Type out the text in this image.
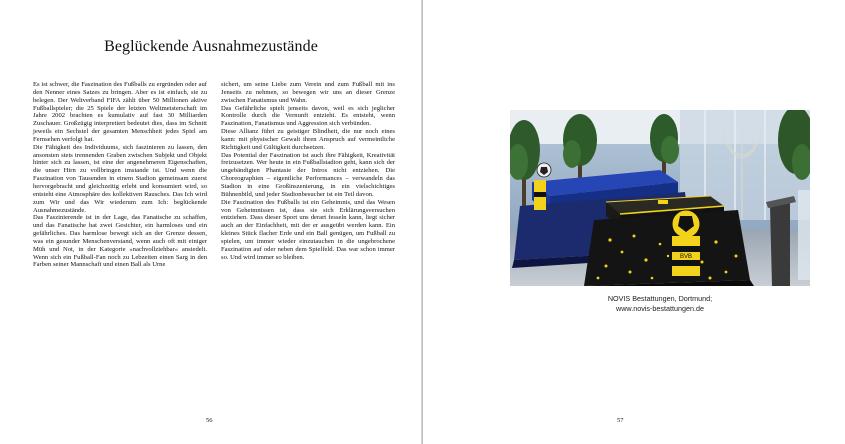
Beglückende Ausnahmezustände

Es ist schwer, die Faszination des Fußballs zu ergründen oder auf den Nenner eines Satzes zu bringen. Aber es ist einfach, sie zu belegen. Der Weltverband FIFA zählt über 50 Millionen aktive Fußballspieler; die 25 Spiele der letzten Weltmeisterschaft im Jahre 2002 brachten es kumulativ auf fast 30 Milliarden Zuschauer. Großzügig interpretiert bedeutet dies, dass im Schnitt jeweils ein Sechstel der gesamten Menschheit jedes Spiel am Fernsehen verfolgt hat.

Die Fähigkeit des Individuums, sich faszinieren zu lassen, den ansonsten stets trennenden Graben zwischen Subjekt und Objekt hinter sich zu lassen, ist eine der angenehmeren Eigenschaften, die unser Hirn zu vollbringen imstande ist. Und wenn die Faszination von Tausenden in einem Stadion gemeinsam zuerst hervorgebracht und gleichzeitig erlebt und konsumiert wird, so entsteht eine Atmosphäre des kollektiven Rausches. Das Ich wird zum Wir und das Wir wiederum zum Ich: beglückende Ausnahmezustände.

Das Faszinierende ist in der Lage, das Fanatische zu schaffen, und das Fanatische hat zwei Gesichter, ein harmloses und ein gefährliches. Das harmlose bewegt sich an der Grenze dessen, was ein gesunder Menschenverstand, wenn auch oft mit einiger Müh und Not, in der Kategorie »nachvollziehbar« ansiedelt. Wenn sich ein Fußball-Fan noch zu Lebzeiten einen Sarg in den Farben seiner Mannschaft und einen Ball als Urne

sichert, um seine Liebe zum Verein und zum Fußball mit ins Jenseits zu nehmen, so bewegen wir uns an dieser Grenze zwischen Fanatismus und Wahn.

Das Gefährliche spielt jenseits davon, weil es sich jeglicher Kontrolle durch die Vernunft entzieht. Es entsteht, wenn Faszination, Fanatismus und Aggression sich verbünden.

Diese Allianz führt zu geistiger Blindheit, die nur noch eines kann: mit physischer Gewalt ihren Anspruch auf vermeintliche Richtigkeit und Gültigkeit durchsetzen.

Das Potential der Faszination ist auch ihre Fähigkeit, Kreativität freizusetzen. Wer heute in ein Fußballstadion geht, kann sich der ungebändigten Phantasie der Intros nicht entziehen. Die Choreographien – eigentliche Performances – verwandeln das Stadion in eine Großinszenierung, in ein vielschichtiges Bühnenbild, und jeder Stadionbesucher ist ein Teil davon.

Die Faszination des Fußballs ist ein Geheimnis, und das Wesen von Geheimnissen ist, dass sie sich Erklärungsversuchen entziehen. Dass dieser Sport uns derart fesseln kann, liegt sicher auch an der Einfachheit, mit der er ausgeübt werden kann. Ein kleines Stück flacher Erde und ein Ball genügen, um Fußball zu spielen, um immer wieder einzutauchen in die ungebrochene Faszination auf oder neben dem Spielfeld. Das war schon immer so. Und wird immer so bleiben.

56
BVB
NOVIS Bestattungen, Dortmund;
www.novis-bestattungen.de
57
